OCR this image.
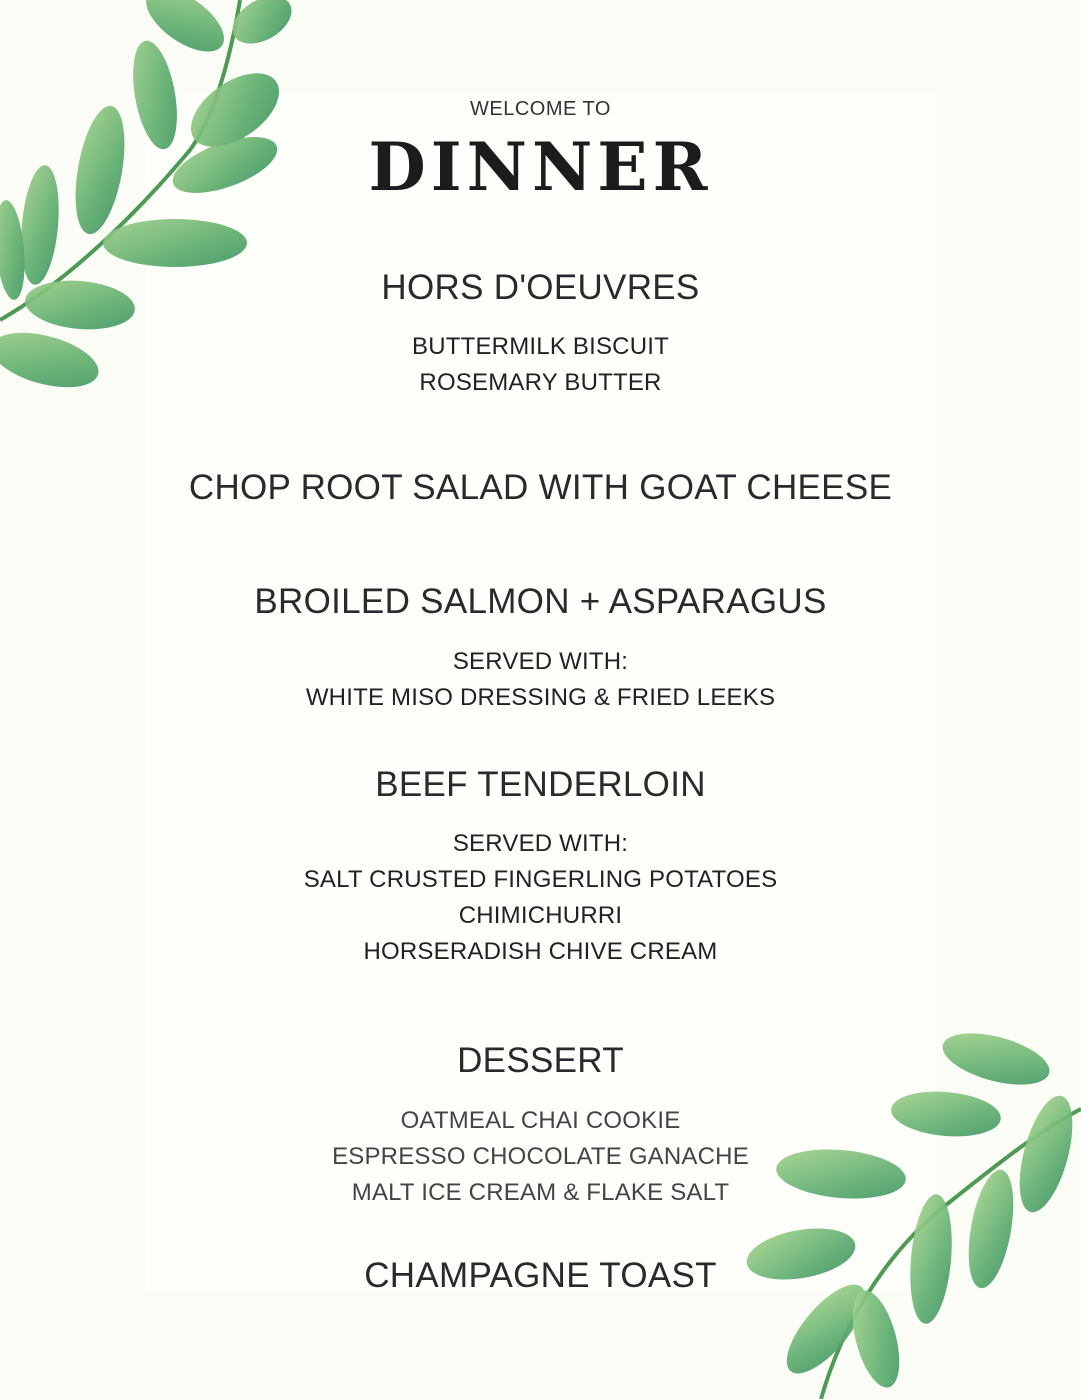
WELCOME TO
DINNER
HORS D'OEUVRES
BUTTERMILK BISCUIT
ROSEMARY BUTTER
CHOP ROOT SALAD WITH GOAT CHEESE
BROILED SALMON + ASPARAGUS
SERVED WITH:
WHITE MISO DRESSING & FRIED LEEKS
BEEF TENDERLOIN
SERVED WITH:
SALT CRUSTED FINGERLING POTATOES
CHIMICHURRI
HORSERADISH CHIVE CREAM
DESSERT
OATMEAL CHAI COOKIE
ESPRESSO CHOCOLATE GANACHE
MALT ICE CREAM & FLAKE SALT
CHAMPAGNE TOAST
